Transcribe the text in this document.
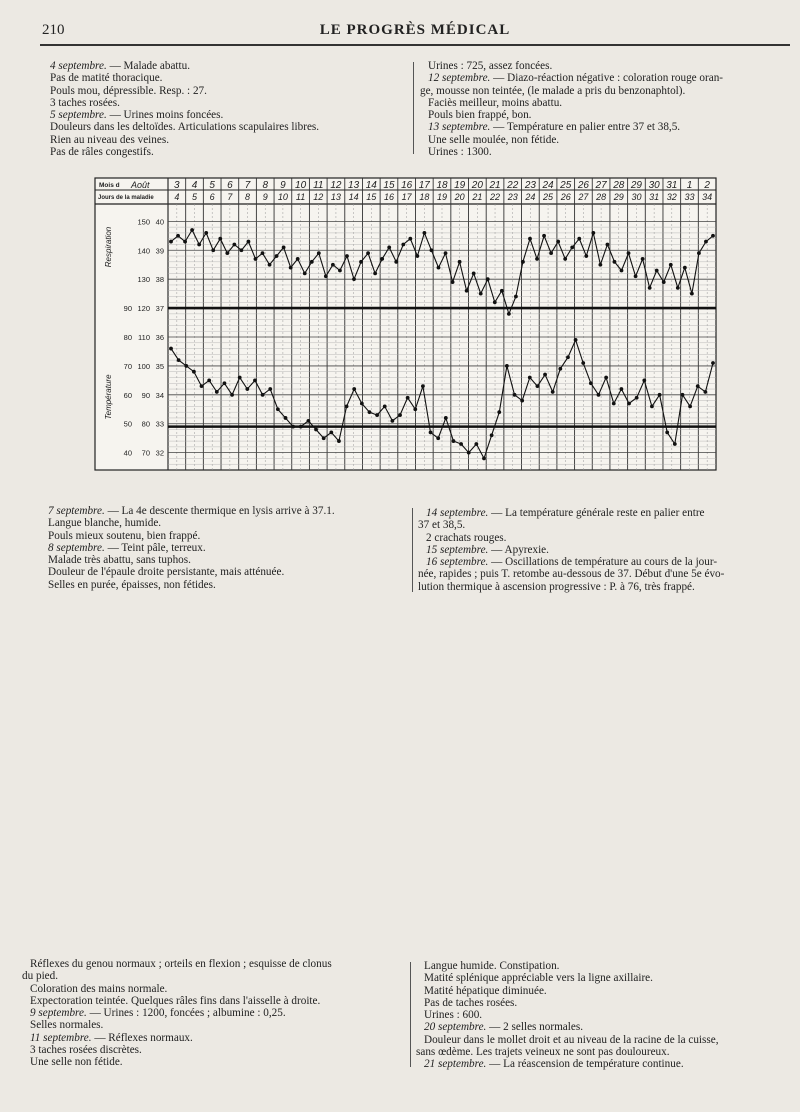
210	LE PROGRÈS MÉDICAL
4 septembre. — Malade abattu.
Pas de matité thoracique.
Pouls mou, dépressible. Resp. : 27.
3 taches rosées.
5 septembre. — Urines moins foncées.
Douleurs dans les deltoïdes. Articulations scapulaires libres.
Rien au niveau des veines.
Pas de râles congestifs.
Urines : 725, assez foncées.
12 septembre. — Diazo-réaction négative : coloration rouge oran-
ge, mousse non teintée, (le malade a pris du benzonaphtol).
Faciès meilleur, moins abattu.
Pouls bien frappé, bon.
13 septembre. — Température en palier entre 37 et 38,5.
Une selle moulée, non fétide.
Urines : 1300.
Mois d Août
Jours de la maladie
3
4
4
5
5
6
6
7
7
8
8
9
9
10
10
11
11
12
12
13
13
14
14
15
15
16
16
17
17
18
18
19
19
20
20
21
21
22
22
23
23
24
24
25
25
26
26
27
27
28
28
29
29
30
30
31
31
32
1
33
2
34
150 40
140 39
130 38
90 120 37
80 110 36
70 100 35
60 90 34
50 80 33
40 70 32
Respiration
Température
7 septembre. — La 4e descente thermique en lysis arrive à 37.1.
Langue blanche, humide.
Pouls mieux soutenu, bien frappé.
8 septembre. — Teint pâle, terreux.
Malade très abattu, sans tuphos.
Douleur de l'épaule droite persistante, mais atténuée.
Selles en purée, épaisses, non fétides.
14 septembre. — La température générale reste en palier entre
37 et 38,5.
2 crachats rouges.
15 septembre. — Apyrexie.
16 septembre. — Oscillations de température au cours de la jour-
née, rapides ; puis T. retombe au-dessous de 37. Début d'une 5e évo-
lution thermique à ascension progressive : P. à 76, très frappé.
Réflexes du genou normaux ; orteils en flexion ; esquisse de clonus
du pied.
Coloration des mains normale.
Expectoration teintée. Quelques râles fins dans l'aisselle à droite.
9 septembre. — Urines : 1200, foncées ; albumine : 0,25.
Selles normales.
11 septembre. — Réflexes normaux.
3 taches rosées discrètes.
Une selle non fétide.
Langue humide. Constipation.
Matité splénique appréciable vers la ligne axillaire.
Matité hépatique diminuée.
Pas de taches rosées.
Urines : 600.
20 septembre. — 2 selles normales.
Douleur dans le mollet droit et au niveau de la racine de la cuisse,
sans œdème. Les trajets veineux ne sont pas douloureux.
21 septembre. — La réascension de température continue.
